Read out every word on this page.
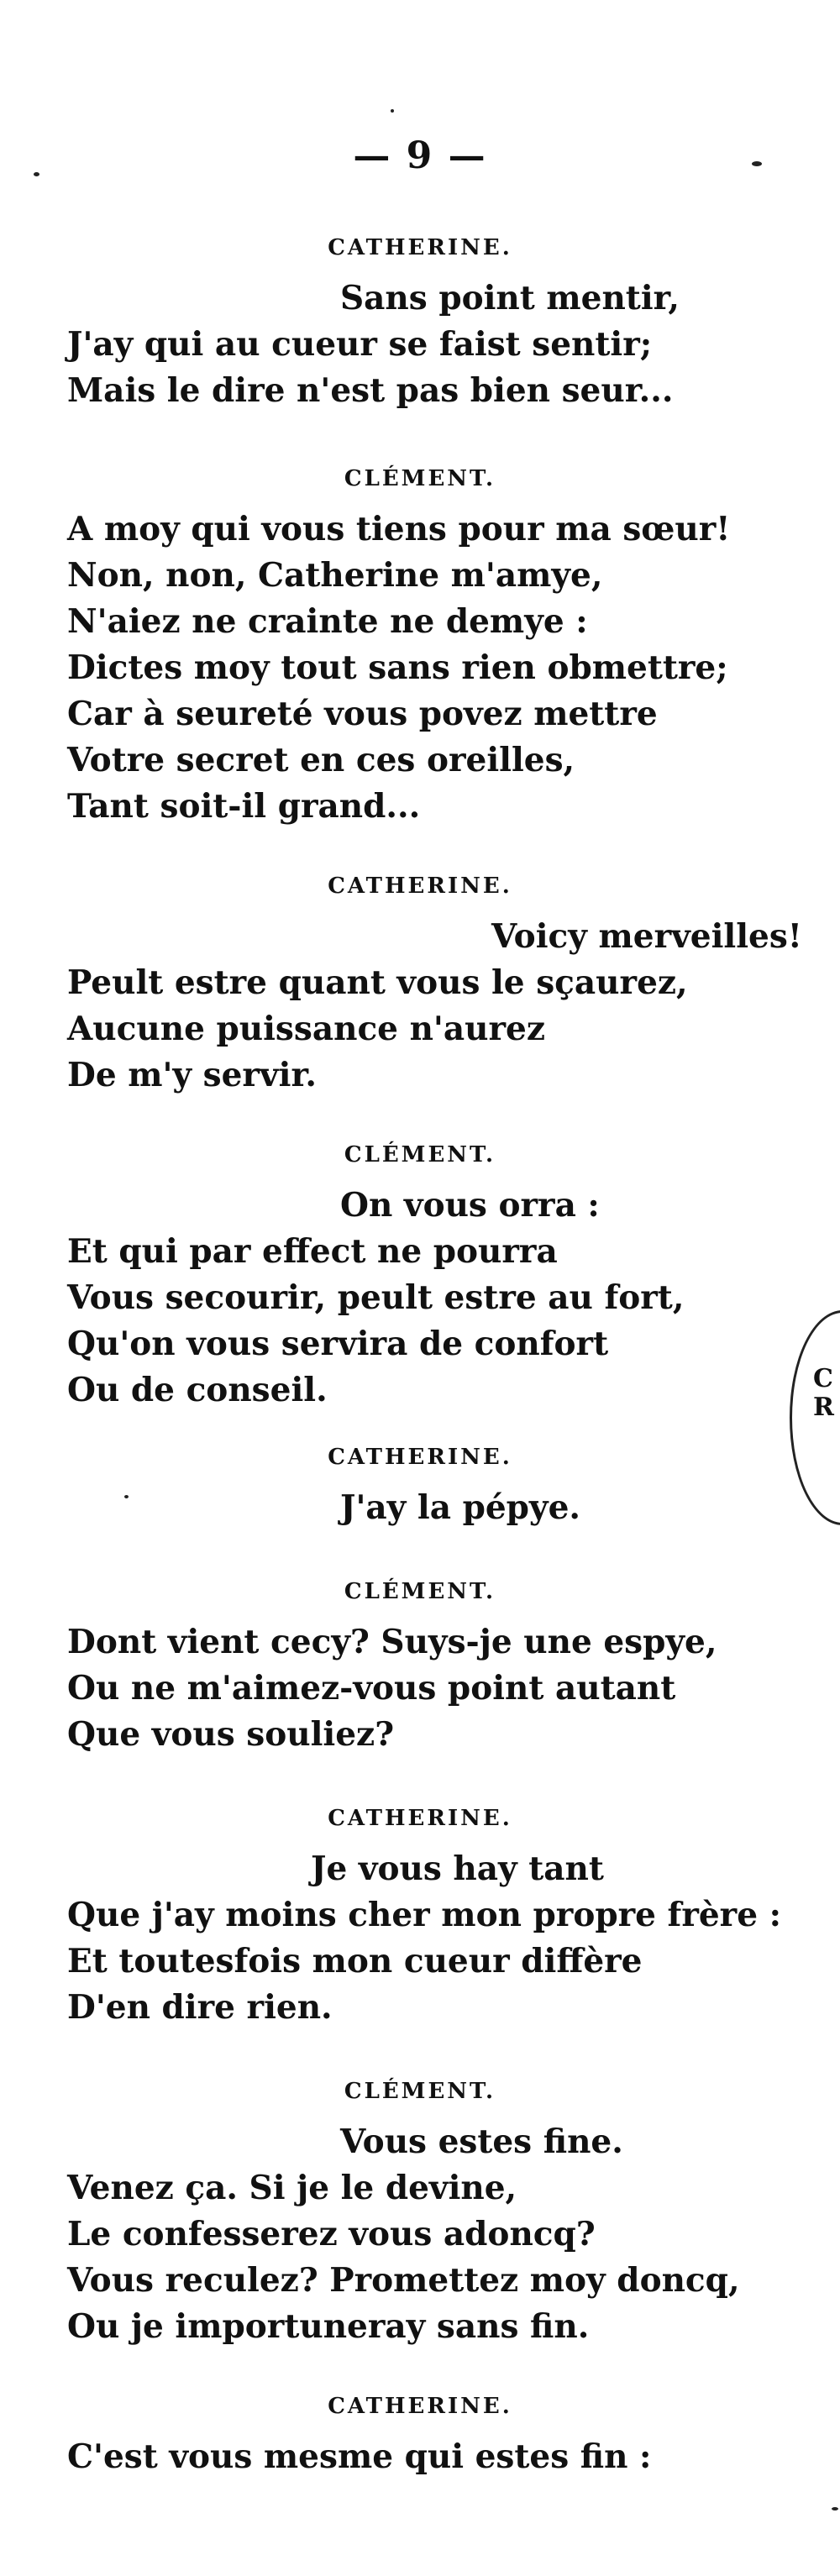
— 9 —
CATHERINE.
Sans point mentir,
J'ay qui au cueur se faist sentir;
Mais le dire n'est pas bien seur...
CLÉMENT.
A moy qui vous tiens pour ma sœur!
Non, non, Catherine m'amye,
N'aiez ne crainte ne demye :
Dictes moy tout sans rien obmettre;
Car à seureté vous povez mettre
Votre secret en ces oreilles,
Tant soit-il grand...
CATHERINE.
Voicy merveilles!
Peult estre quant vous le sçaurez,
Aucune puissance n'aurez
De m'y servir.
CLÉMENT.
On vous orra :
Et qui par effect ne pourra
Vous secourir, peult estre au fort,
Qu'on vous servira de confort
Ou de conseil.
CATHERINE.
J'ay la pépye.
CLÉMENT.
Dont vient cecy? Suys-je une espye,
Ou ne m'aimez-vous point autant
Que vous souliez?
CATHERINE.
Je vous hay tant
Que j'ay moins cher mon propre frère :
Et toutesfois mon cueur diffère
D'en dire rien.
CLÉMENT.
Vous estes fine.
Venez ça. Si je le devine,
Le confesserez vous adoncq?
Vous reculez? Promettez moy doncq,
Ou je importuneray sans fin.
CATHERINE.
C'est vous mesme qui estes fin :
C R
